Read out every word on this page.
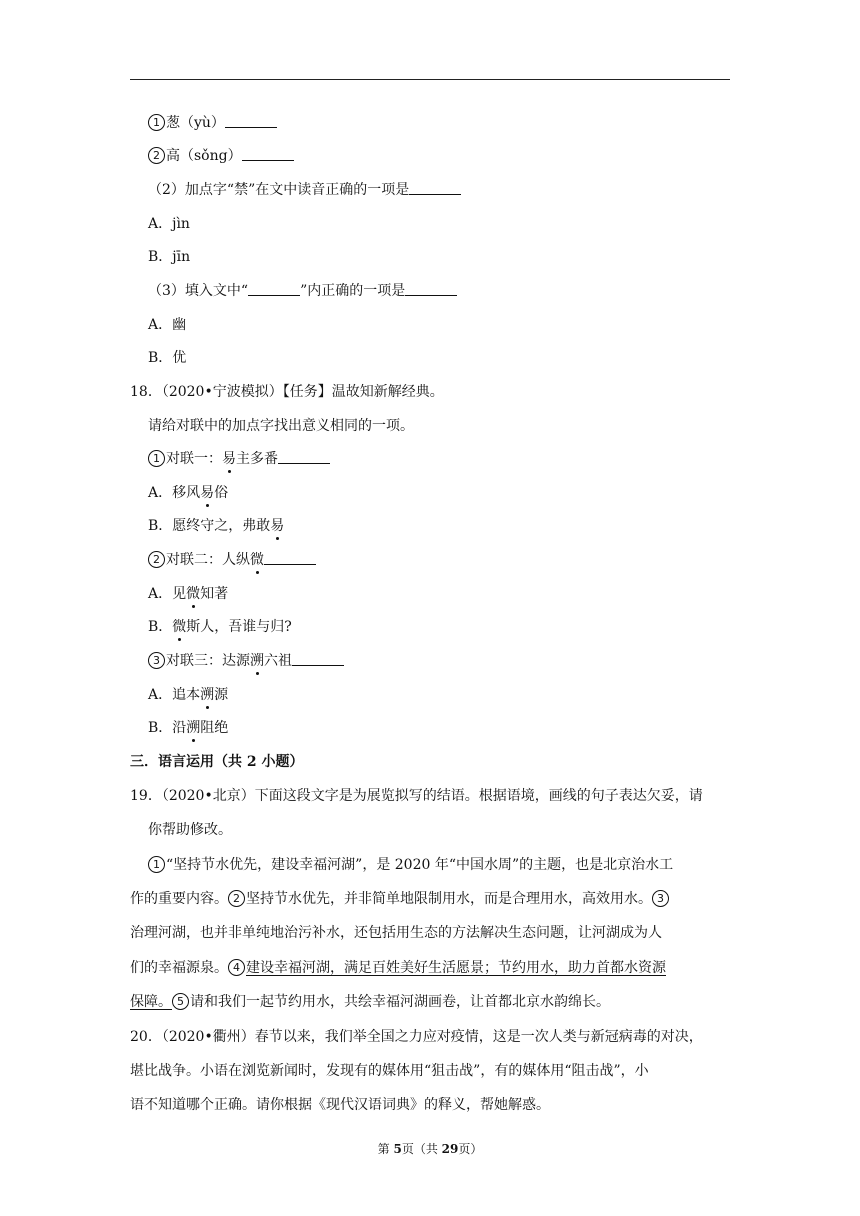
1 葱（yù）
2 高（sǒng）
（2）加点字“禁”在文中读音正确的一项是
A．jìn
B．jīn
（3）填入文中“	”内正确的一项是
A．幽
B．优
18．（2020•宁波模拟）【任务】温故知新解经典。
请给对联中的加点字找出意义相同的一项。
1 对联一：易主多番
A．移风易俗
B．愿终守之，弗敢易
2 对联二：人纵微
A．见微知著
B．微斯人，吾谁与归?
3 对联三：达源溯六祖
A．追本溯源
B．沿溯阻绝
三．语言运用（共 2 小题）
19．（2020•北京）下面这段文字是为展览拟写的结语。根据语境，画线的句子表达欠妥，请
你帮助修改。
1 “坚持节水优先，建设幸福河湖”，是 2020 年“中国水周”的主题，也是北京治水工
作的重要内容。 2 坚持节水优先，并非简单地限制用水，而是合理用水，高效用水。 3
治理河湖，也并非单纯地治污补水，还包括用生态的方法解决生态问题，让河湖成为人
们的幸福源泉。 4 建设幸福河湖，满足百姓美好生活愿景；节约用水，助力首都水资源
保障。 5 请和我们一起节约用水，共绘幸福河湖画卷，让首都北京水韵绵长。
20．（2020•衢州）春节以来，我们举全国之力应对疫情，这是一次人类与新冠病毒的对决，
堪比战争。小语在浏览新闻时，发现有的媒体用“狙击战”，有的媒体用“阻击战”，小
语不知道哪个正确。请你根据《现代汉语词典》的释义，帮她解惑。
第 5页（共 29页）
